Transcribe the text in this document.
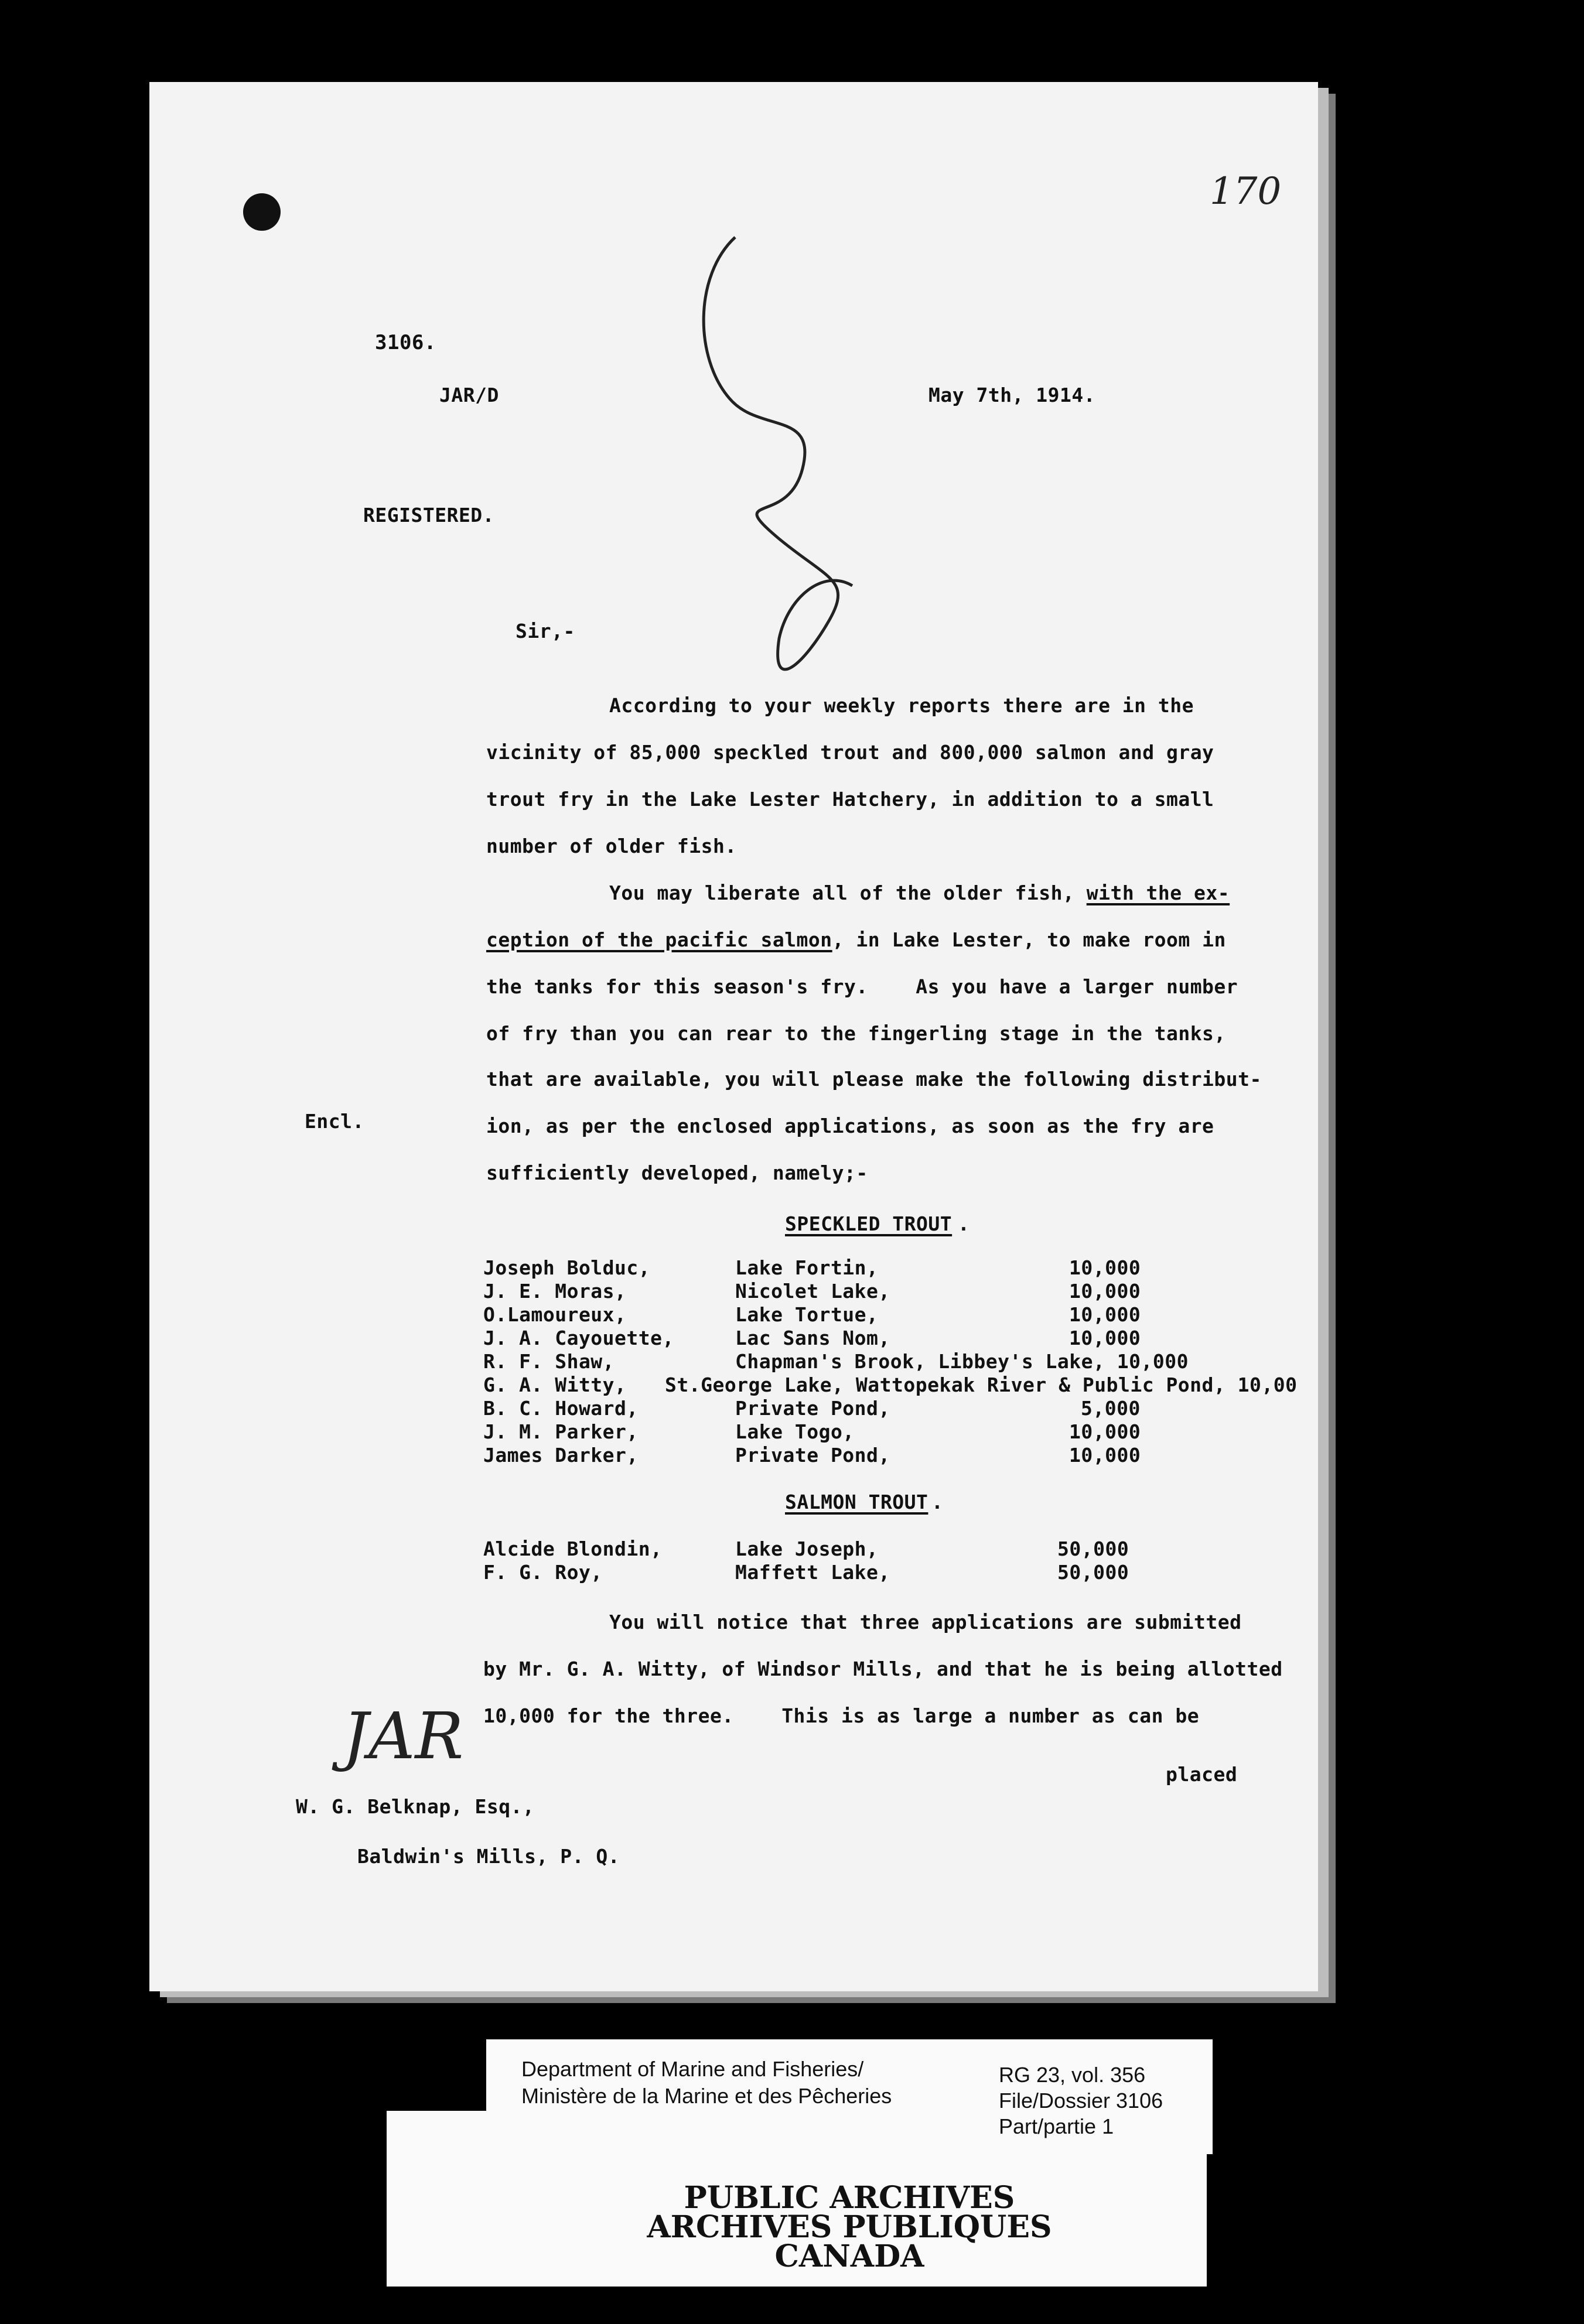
170
3106.
JAR/D	May 7th, 1914.
REGISTERED.
Sir,-
According to your weekly reports there are in the
vicinity of 85,000 speckled trout and 800,000 salmon and gray
trout fry in the Lake Lester Hatchery, in addition to a small
number of older fish.
You may liberate all of the older fish, with the ex-
ception of the pacific salmon, in Lake Lester, to make room in
the tanks for this season's fry.    As you have a larger number
of fry than you can rear to the fingerling stage in the tanks,
that are available, you will please make the following distribut-
ion, as per the enclosed applications, as soon as the fry are
sufficiently developed, namely;-
Encl.
SPECKLED TROUT .
Joseph Bolduc,	Lake Fortin,	10,000
J. E. Moras,	Nicolet Lake,	10,000
O.Lamoureux,	Lake Tortue,	10,000
J. A. Cayouette,	Lac Sans Nom,	10,000
R. F. Shaw,	Chapman's Brook, Libbey's Lake, 10,000
G. A. Witty, St.George Lake, Wattopekak River & Public Pond, 10,00
B. C. Howard,	Private Pond,	5,000
J. M. Parker,	Lake Togo,	10,000
James Darker,	Private Pond,	10,000
SALMON TROUT .
Alcide Blondin,	Lake Joseph,	50,000
F. G. Roy,	Maffett Lake,	50,000
You will notice that three applications are submitted
by Mr. G. A. Witty, of Windsor Mills, and that he is being allotted
10,000 for the three.    This is as large a number as can be
placed
JAR
W. G. Belknap, Esq.,
Baldwin's Mills, P. Q.
Department of Marine and Fisheries/
Ministère de la Marine et des Pêcheries
RG 23, vol. 356
File/Dossier 3106
Part/partie 1
PUBLIC ARCHIVES
ARCHIVES PUBLIQUES
CANADA
